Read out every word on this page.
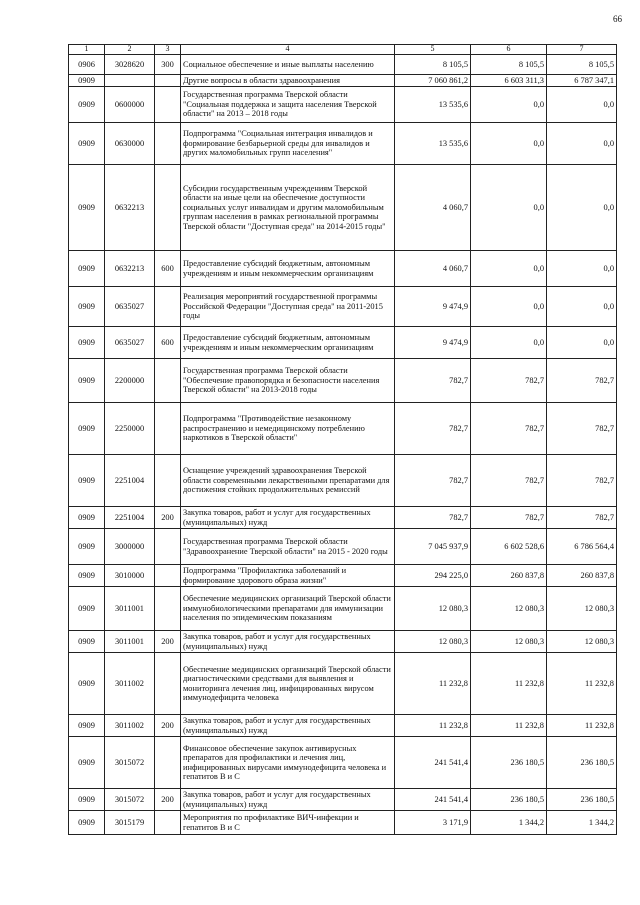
66
1	2	3	4	5	6	7
0906	3028620	300	Социальное обеспечение и иные выплаты населению	8 105,5	8 105,5	8 105,5
0909			Другие вопросы в области здравоохранения	7 060 861,2	6 603 311,3	6 787 347,1
0909	0600000		Государственная программа Тверской области "Социальная поддержка и защита населения Тверской области" на 2013 – 2018 годы	13 535,6	0,0	0,0
0909	0630000		Подпрограмма "Социальная интеграция инвалидов и формирование безбарьерной среды для инвалидов и других маломобильных групп населения"	13 535,6	0,0	0,0
0909	0632213		Субсидии государственным учреждениям Тверской области на иные цели на обеспечение доступности социальных услуг инвалидам и другим маломобильным группам населения в рамках региональной программы Тверской области "Доступная среда" на 2014-2015 годы"	4 060,7	0,0	0,0
0909	0632213	600	Предоставление субсидий бюджетным, автономным учреждениям и иным некоммерческим организациям	4 060,7	0,0	0,0
0909	0635027		Реализация мероприятий государственной программы Российской Федерации "Доступная среда" на 2011-2015 годы	9 474,9	0,0	0,0
0909	0635027	600	Предоставление субсидий бюджетным, автономным учреждениям и иным некоммерческим организациям	9 474,9	0,0	0,0
0909	2200000		Государственная программа Тверской области "Обеспечение правопорядка и безопасности населения Тверской области" на 2013-2018 годы	782,7	782,7	782,7
0909	2250000		Подпрограмма "Противодействие незаконному распространению и немедицинскому потреблению наркотиков в Тверской области"	782,7	782,7	782,7
0909	2251004		Оснащение учреждений здравоохранения Тверской области современными лекарственными препаратами для достижения стойких продолжительных ремиссий	782,7	782,7	782,7
0909	2251004	200	Закупка товаров, работ и услуг для государственных (муниципальных) нужд	782,7	782,7	782,7
0909	3000000		Государственная программа Тверской области "Здравоохранение Тверской области" на 2015 - 2020 годы	7 045 937,9	6 602 528,6	6 786 564,4
0909	3010000		Подпрограмма "Профилактика заболеваний и формирование здорового образа жизни"	294 225,0	260 837,8	260 837,8
0909	3011001		Обеспечение медицинских организаций Тверской области иммунобиологическими препаратами для иммунизации населения по эпидемическим показаниям	12 080,3	12 080,3	12 080,3
0909	3011001	200	Закупка товаров, работ и услуг для государственных (муниципальных) нужд	12 080,3	12 080,3	12 080,3
0909	3011002		Обеспечение медицинских организаций Тверской области диагностическими средствами для выявления и мониторинга лечения лиц, инфицированных вирусом иммунодефицита человека	11 232,8	11 232,8	11 232,8
0909	3011002	200	Закупка товаров, работ и услуг для государственных (муниципальных) нужд	11 232,8	11 232,8	11 232,8
0909	3015072		Финансовое обеспечение закупок антивирусных препаратов для профилактики и лечения лиц, инфицированных вирусами иммунодефицита человека и гепатитов В и С	241 541,4	236 180,5	236 180,5
0909	3015072	200	Закупка товаров, работ и услуг для государственных (муниципальных) нужд	241 541,4	236 180,5	236 180,5
0909	3015179		Мероприятия по профилактике ВИЧ-инфекции и гепатитов В и С	3 171,9	1 344,2	1 344,2
